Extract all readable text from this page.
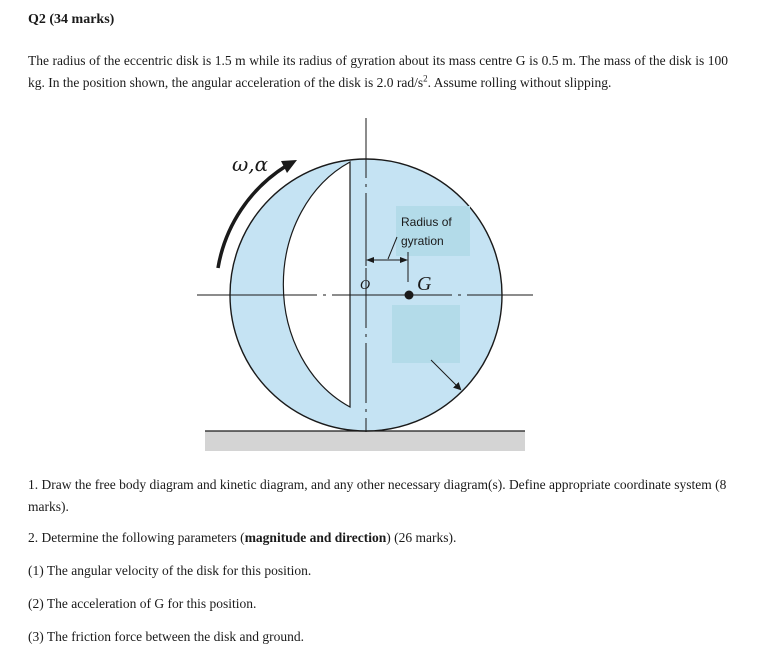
Q2 (34 marks)
The radius of the eccentric disk is 1.5 m while its radius of gyration about its mass centre G is 0.5 m. The mass of the disk is 100 kg. In the position shown, the angular acceleration of the disk is 2.0 rad/$s^2$. Assume rolling without slipping.
Radius of
gyration
G
O
ω,α
1. Draw the free body diagram and kinetic diagram, and any other necessary diagram(s). Define appropriate coordinate system (8 marks).
2. Determine the following parameters (magnitude and direction) (26 marks).
(1) The angular velocity of the disk for this position.
(2) The acceleration of G for this position.
(3) The friction force between the disk and ground.
